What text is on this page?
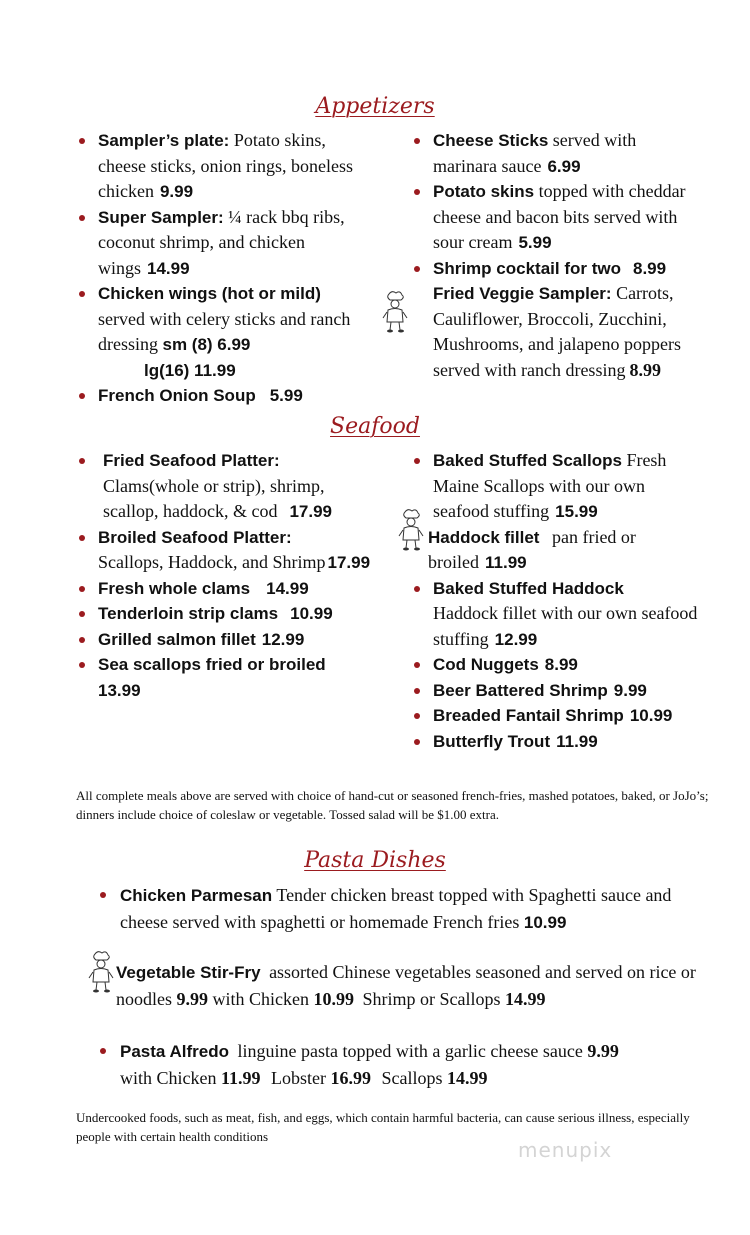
Appetizers
Sampler’s plate: Potato skins, cheese sticks, onion rings, boneless chicken 9.99
Super Sampler: ¼ rack bbq ribs, coconut shrimp, and chicken wings 14.99
Chicken wings (hot or mild)
served with celery sticks and ranch dressing sm (8) 6.99
lg(16) 11.99
French Onion Soup 5.99
Cheese Sticks served with marinara sauce 6.99
Potato skins topped with cheddar cheese and bacon bits served with sour cream 5.99
Shrimp cocktail for two 8.99
Fried Veggie Sampler: Carrots, Cauliflower, Broccoli, Zucchini, Mushrooms, and jalapeno poppers served with ranch dressing 8.99
Seafood
Fried Seafood Platter:
Clams(whole or strip), shrimp, scallop, haddock, & cod 17.99
Broiled Seafood Platter:
Scallops, Haddock, and Shrimp 17.99
Fresh whole clams 14.99
Tenderloin strip clams 10.99
Grilled salmon fillet 12.99
Sea scallops fried or broiled
13.99
Baked Stuffed Scallops Fresh Maine Scallops with our own seafood stuffing 15.99
Haddock fillet pan fried or broiled 11.99
Baked Stuffed Haddock
Haddock fillet with our own seafood stuffing 12.99
Cod Nuggets 8.99
Beer Battered Shrimp 9.99
Breaded Fantail Shrimp 10.99
Butterfly Trout 11.99
All complete meals above are served with choice of hand-cut or seasoned french-fries, mashed potatoes, baked, or JoJo’s; dinners include choice of coleslaw or vegetable. Tossed salad will be $1.00 extra.
Pasta Dishes
Chicken Parmesan Tender chicken breast topped with Spaghetti sauce and cheese served with spaghetti or homemade French fries 10.99
Vegetable Stir-Fry assorted Chinese vegetables seasoned and served on rice or noodles 9.99 with Chicken 10.99 Shrimp or Scallops 14.99
Pasta Alfredo linguine pasta topped with a garlic cheese sauce 9.99
with Chicken 11.99 Lobster 16.99 Scallops 14.99
Undercooked foods, such as meat, fish, and eggs, which contain harmful bacteria, can cause serious illness, especially people with certain health conditions
menupix
